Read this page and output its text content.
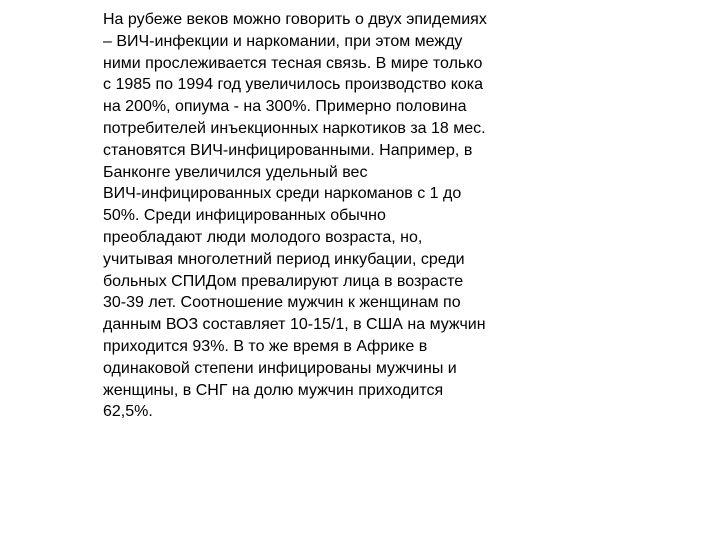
На рубеже веков можно говорить о двух эпидемиях
– ВИЧ-инфекции и наркомании, при этом между
ними прослеживается тесная связь. В мире только
с 1985 по 1994 год увеличилось производство кока
на 200%, опиума - на 300%. Примерно половина
потребителей инъекционных наркотиков за 18 мес.
становятся ВИЧ-инфицированными. Например, в
Банконге увеличился удельный вес
ВИЧ-инфицированных среди наркоманов с 1 до
50%. Среди инфицированных обычно
преобладают люди молодого возраста, но,
учитывая многолетний период инкубации, среди
больных СПИДом превалируют лица в возрасте
30-39 лет. Соотношение мужчин к женщинам по
данным ВОЗ составляет 10-15/1, в США на мужчин
приходится 93%. В то же время в Африке в
одинаковой степени инфицированы мужчины и
женщины, в СНГ на долю мужчин приходится
62,5%.
